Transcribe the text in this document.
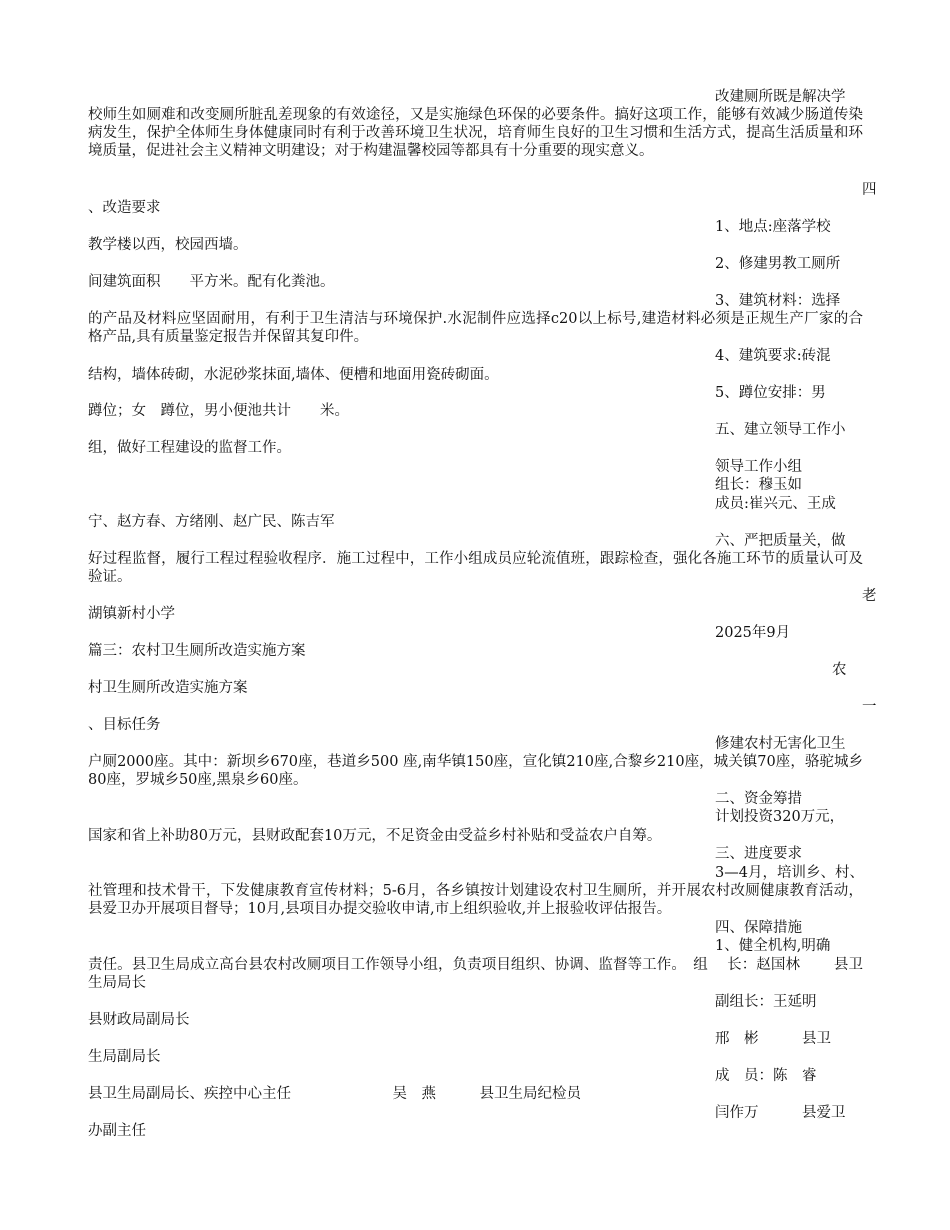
改建厕所既是解决学
校师生如厕难和改变厕所脏乱差现象的有效途径，又是实施绿色环保的必要条件。搞好这项工作，能够有效减少肠道传染病发生，保护全体师生身体健康同时有利于改善环境卫生状况，培育师生良好的卫生习惯和生活方式，提高生活质量和环境质量，促进社会主义精神文明建设；对于构建温馨校园等都具有十分重要的现实意义。
四
、改造要求
1、地点:座落学校
教学楼以西，校园西墙。
2、修建男教工厕所
间建筑面积　　平方米。配有化粪池。
3、建筑材料：选择
的产品及材料应坚固耐用，有利于卫生清洁与环境保护.水泥制件应选择c20以上标号,建造材料必须是正规生产厂家的合格产品,具有质量鉴定报告并保留其复印件。
4、建筑要求:砖混
结构，墙体砖砌，水泥砂浆抹面,墙体、便槽和地面用瓷砖砌面。
5、蹲位安排：男
蹲位；女　蹲位，男小便池共计　　米。
五、建立领导工作小
组，做好工程建设的监督工作。
领导工作小组
组长：穆玉如
成员:崔兴元、王成
宁、赵方春、方绪刚、赵广民、陈吉军
六、严把质量关，做
好过程监督，履行工程过程验收程序．施工过程中，工作小组成员应轮流值班，跟踪检查，强化各施工环节的质量认可及验证。
老
湖镇新村小学
2025年9月
篇三：农村卫生厕所改造实施方案
农
村卫生厕所改造实施方案
一
、目标任务
修建农村无害化卫生
户厕2000座。其中：新坝乡670座，巷道乡500 座,南华镇150座，宣化镇210座,合黎乡210座，城关镇70座，骆驼城乡80座，罗城乡50座,黑泉乡60座。
二、资金筹措
计划投资320万元，
国家和省上补助80万元，县财政配套10万元，不足资金由受益乡村补贴和受益农户自筹。
三、进度要求
3—4月，培训乡、村、
社管理和技术骨干，下发健康教育宣传材料；5-6月，各乡镇按计划建设农村卫生厕所，并开展农村改厕健康教育活动，县爱卫办开展项目督导；10月,县项目办提交验收申请,市上组织验收,并上报验收评估报告。
四、保障措施
1、健全机构,明确
责任。县卫生局成立高台县农村改厕项目工作领导小组，负责项目组织、协调、监督等工作。　组　 长：赵国林　　 县卫生局局长
副组长：王延明
县财政局副局长
邢　彬　　　县卫
生局副局长
成　员：陈　睿
县卫生局副局长、疾控中心主任　　　　　　　吴　燕　　　县卫生局纪检员
闫作万　　　县爱卫
办副主任
